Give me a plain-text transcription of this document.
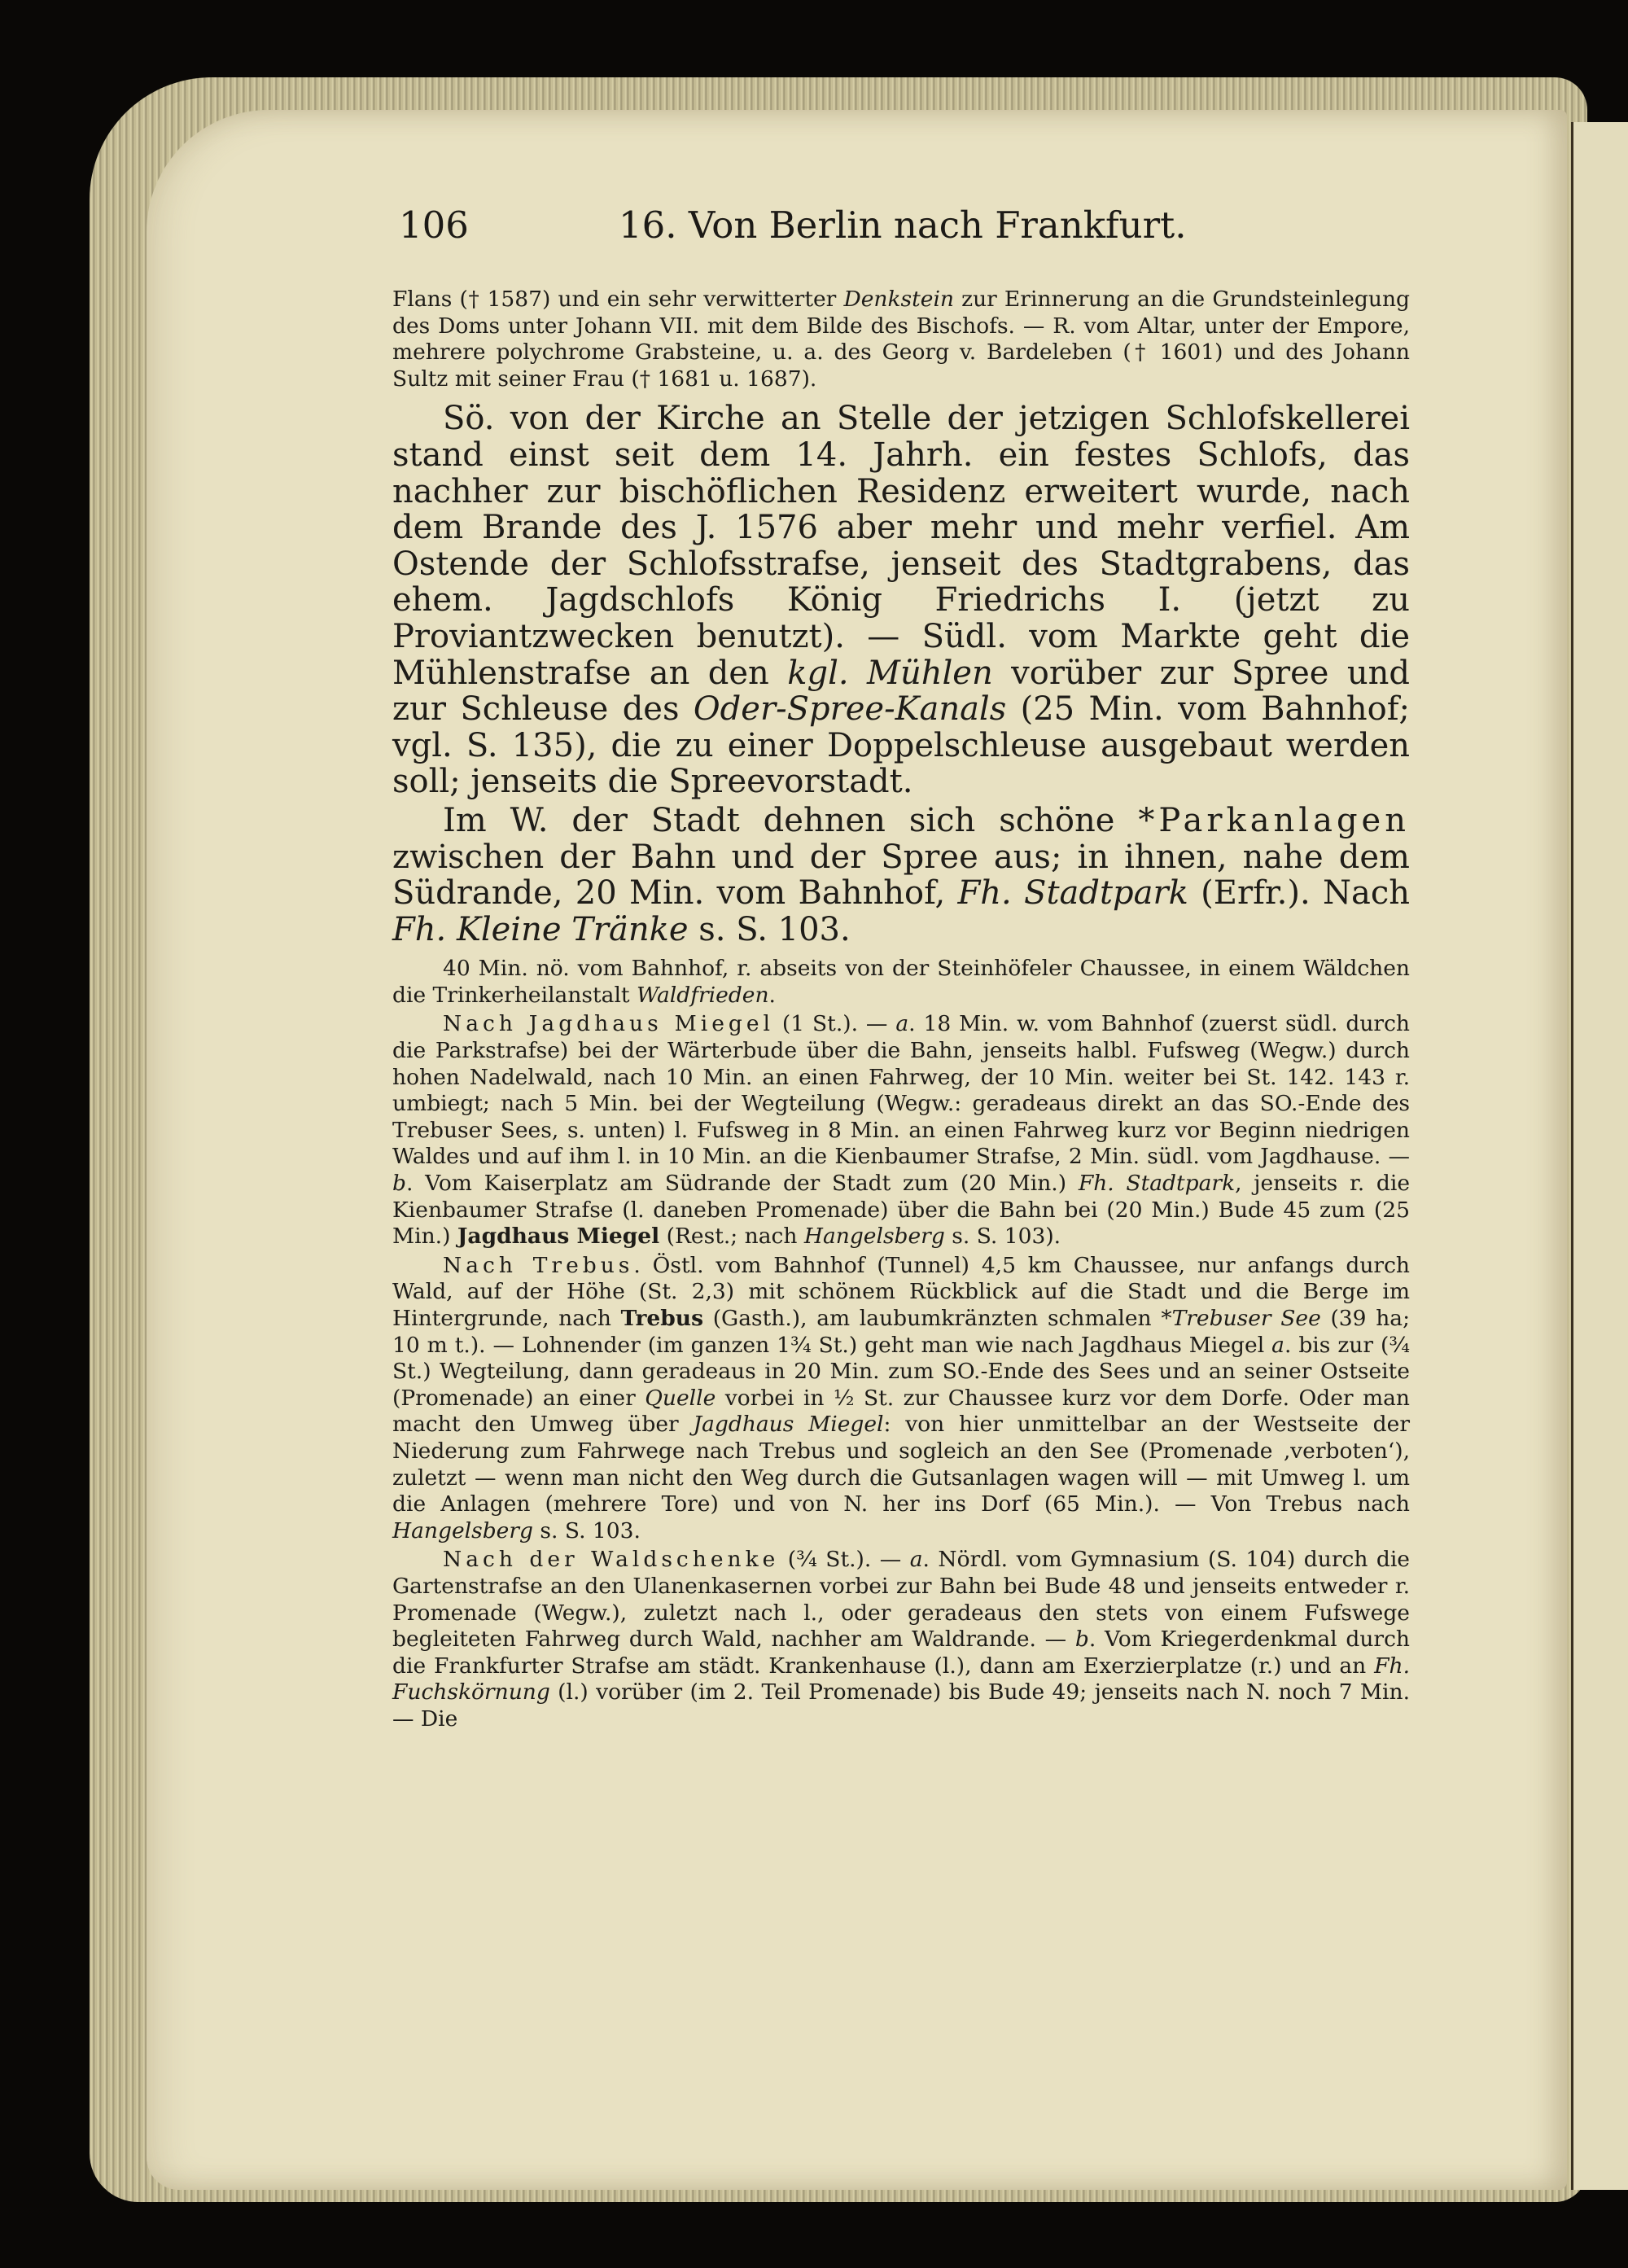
106	16. Von Berlin nach Frankfurt.

Flans († 1587) und ein sehr verwitterter Denkstein zur Erinnerung an die Grundsteinlegung des Doms unter Johann VII. mit dem Bilde des Bischofs. — R. vom Altar, unter der Empore, mehrere polychrome Grabsteine, u. a. des Georg v. Bardeleben († 1601) und des Johann Sultz mit seiner Frau († 1681 u. 1687).

Sö. von der Kirche an Stelle der jetzigen Schlofskellerei stand einst seit dem 14. Jahrh. ein festes Schlofs, das nachher zur bischöflichen Residenz erweitert wurde, nach dem Brande des J. 1576 aber mehr und mehr verfiel. Am Ostende der Schlofsstrafse, jenseit des Stadtgrabens, das ehem. Jagdschlofs König Friedrichs I. (jetzt zu Proviantzwecken benutzt). — Südl. vom Markte geht die Mühlenstrafse an den kgl. Mühlen vorüber zur Spree und zur Schleuse des Oder-Spree-Kanals (25 Min. vom Bahnhof; vgl. S. 135), die zu einer Doppelschleuse ausgebaut werden soll; jenseits die Spreevorstadt.

Im W. der Stadt dehnen sich schöne *Parkanlagen zwischen der Bahn und der Spree aus; in ihnen, nahe dem Südrande, 20 Min. vom Bahnhof, Fh. Stadtpark (Erfr.). Nach Fh. Kleine Tränke s. S. 103.

40 Min. nö. vom Bahnhof, r. abseits von der Steinhöfeler Chaussee, in einem Wäldchen die Trinkerheilanstalt Waldfrieden.

Nach Jagdhaus Miegel (1 St.). — a. 18 Min. w. vom Bahnhof (zuerst südl. durch die Parkstrafse) bei der Wärterbude über die Bahn, jenseits halbl. Fufsweg (Wegw.) durch hohen Nadelwald, nach 10 Min. an einen Fahrweg, der 10 Min. weiter bei St. 142. 143 r. umbiegt; nach 5 Min. bei der Wegteilung (Wegw.: geradeaus direkt an das SO.-Ende des Trebuser Sees, s. unten) l. Fufsweg in 8 Min. an einen Fahrweg kurz vor Beginn niedrigen Waldes und auf ihm l. in 10 Min. an die Kienbaumer Strafse, 2 Min. südl. vom Jagdhause. — b. Vom Kaiserplatz am Südrande der Stadt zum (20 Min.) Fh. Stadtpark, jenseits r. die Kienbaumer Strafse (l. daneben Promenade) über die Bahn bei (20 Min.) Bude 45 zum (25 Min.) Jagdhaus Miegel (Rest.; nach Hangelsberg s. S. 103).

Nach Trebus. Östl. vom Bahnhof (Tunnel) 4,5 km Chaussee, nur anfangs durch Wald, auf der Höhe (St. 2,3) mit schönem Rückblick auf die Stadt und die Berge im Hintergrunde, nach Trebus (Gasth.), am laubumkränzten schmalen *Trebuser See (39 ha; 10 m t.). — Lohnender (im ganzen 1¾ St.) geht man wie nach Jagdhaus Miegel a. bis zur (¾ St.) Wegteilung, dann geradeaus in 20 Min. zum SO.-Ende des Sees und an seiner Ostseite (Promenade) an einer Quelle vorbei in ½ St. zur Chaussee kurz vor dem Dorfe. Oder man macht den Umweg über Jagdhaus Miegel: von hier unmittelbar an der Westseite der Niederung zum Fahrwege nach Trebus und sogleich an den See (Promenade ‚verboten‘), zuletzt — wenn man nicht den Weg durch die Gutsanlagen wagen will — mit Umweg l. um die Anlagen (mehrere Tore) und von N. her ins Dorf (65 Min.). — Von Trebus nach Hangelsberg s. S. 103.

Nach der Waldschenke (¾ St.). — a. Nördl. vom Gymnasium (S. 104) durch die Gartenstrafse an den Ulanenkasernen vorbei zur Bahn bei Bude 48 und jenseits entweder r. Promenade (Wegw.), zuletzt nach l., oder geradeaus den stets von einem Fufswege begleiteten Fahrweg durch Wald, nachher am Waldrande. — b. Vom Kriegerdenkmal durch die Frankfurter Strafse am städt. Krankenhause (l.), dann am Exerzierplatze (r.) und an Fh. Fuchskörnung (l.) vorüber (im 2. Teil Promenade) bis Bude 49; jenseits nach N. noch 7 Min. — Die
